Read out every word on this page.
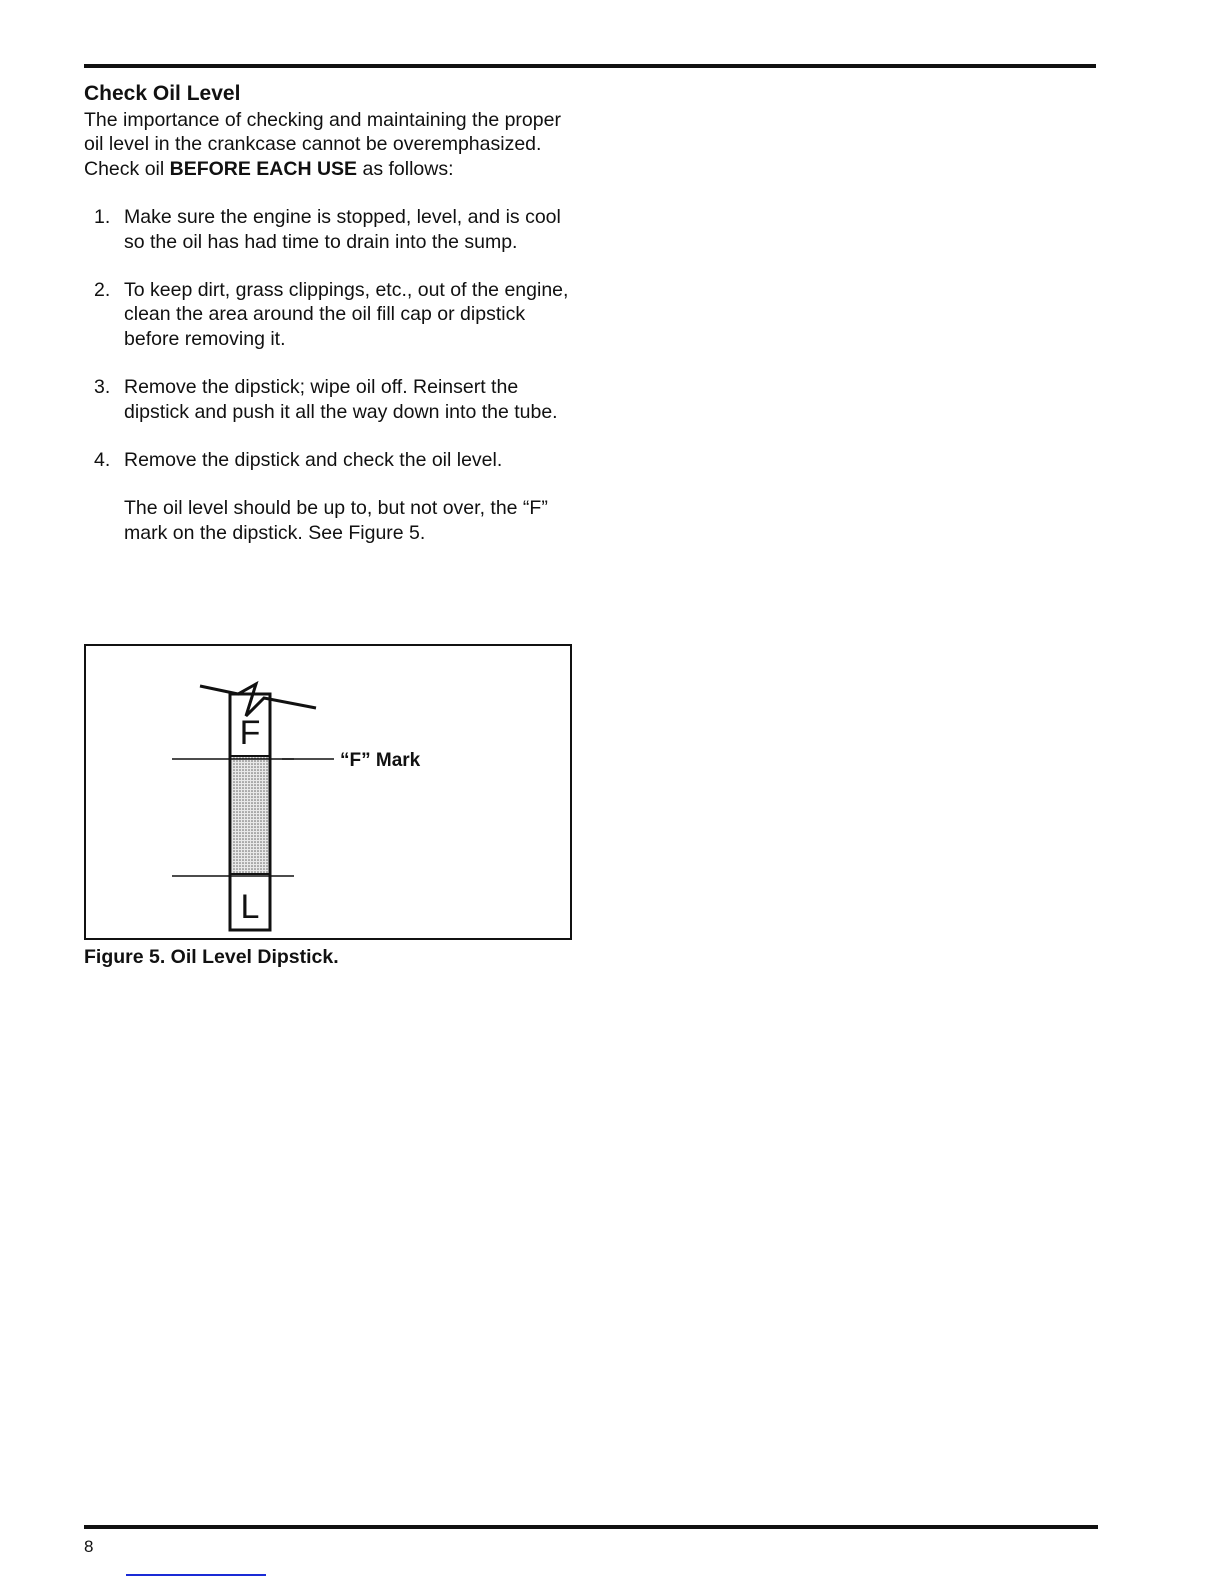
Check Oil Level

The importance of checking and maintaining the proper oil level in the crankcase cannot be overemphasized. Check oil BEFORE EACH USE as follows:

1. Make sure the engine is stopped, level, and is cool so the oil has had time to drain into the sump.
2. To keep dirt, grass clippings, etc., out of the engine, clean the area around the oil fill cap or dipstick before removing it.
3. Remove the dipstick; wipe oil off. Reinsert the dipstick and push it all the way down into the tube.
4. Remove the dipstick and check the oil level.

The oil level should be up to, but not over, the “F” mark on the dipstick. See Figure 5.

F
L
“F” Mark
Figure 5. Oil Level Dipstick.
8
